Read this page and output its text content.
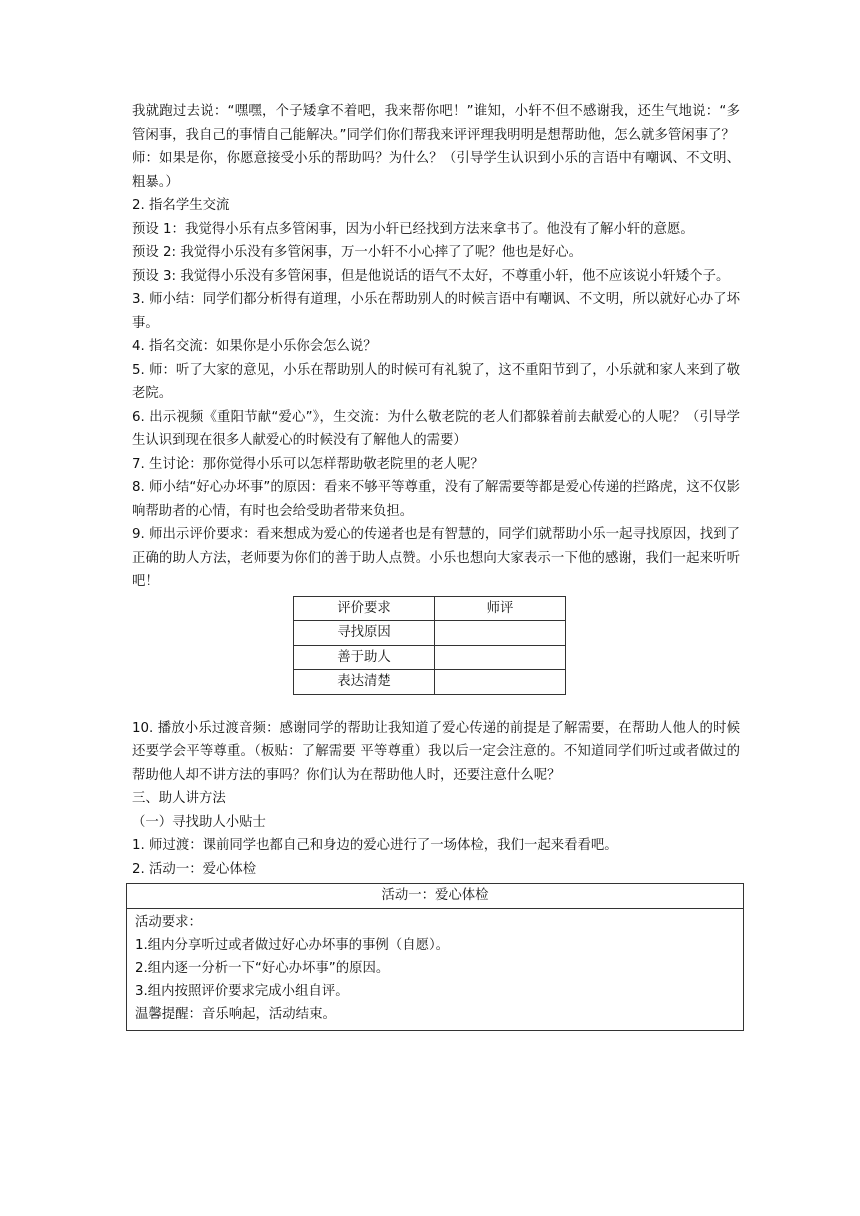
我就跑过去说：“嘿嘿，个子矮拿不着吧，我来帮你吧！”谁知，小轩不但不感谢我，还生气地说：“多管闲事，我自己的事情自己能解决。”同学们你们帮我来评评理我明明是想帮助他，怎么就多管闲事了？

师：如果是你，你愿意接受小乐的帮助吗？为什么？（引导学生认识到小乐的言语中有嘲讽、不文明、粗暴。）

2. 指名学生交流

预设 1：我觉得小乐有点多管闲事，因为小轩已经找到方法来拿书了。他没有了解小轩的意愿。

预设 2: 我觉得小乐没有多管闲事，万一小轩不小心摔了了呢？他也是好心。

预设 3: 我觉得小乐没有多管闲事，但是他说话的语气不太好，不尊重小轩，他不应该说小轩矮个子。

3. 师小结：同学们都分析得有道理，小乐在帮助别人的时候言语中有嘲讽、不文明，所以就好心办了坏事。

4. 指名交流：如果你是小乐你会怎么说？

5. 师：听了大家的意见，小乐在帮助别人的时候可有礼貌了，这不重阳节到了，小乐就和家人来到了敬老院。

6. 出示视频《重阳节献“爱心”》，生交流：为什么敬老院的老人们都躲着前去献爱心的人呢？（引导学生认识到现在很多人献爱心的时候没有了解他人的需要）

7. 生讨论：那你觉得小乐可以怎样帮助敬老院里的老人呢？

8. 师小结“好心办坏事”的原因：看来不够平等尊重，没有了解需要等都是爱心传递的拦路虎，这不仅影响帮助者的心情，有时也会给受助者带来负担。

9. 师出示评价要求：看来想成为爱心的传递者也是有智慧的，同学们就帮助小乐一起寻找原因，找到了正确的助人方法，老师要为你们的善于助人点赞。小乐也想向大家表示一下他的感谢，我们一起来听听吧！

评价要求	师评
寻找原因	
善于助人	
表达清楚	

10. 播放小乐过渡音频：感谢同学的帮助让我知道了爱心传递的前提是了解需要，在帮助人他人的时候还要学会平等尊重。（板贴：了解需要 平等尊重）我以后一定会注意的。不知道同学们听过或者做过的帮助他人却不讲方法的事吗？你们认为在帮助他人时，还要注意什么呢？

三、助人讲方法

（一）寻找助人小贴士

1. 师过渡：课前同学也都自己和身边的爱心进行了一场体检，我们一起来看看吧。

2. 活动一：爱心体检

活动一：爱心体检
活动要求：
1.组内分享听过或者做过好心办坏事的事例（自愿）。
2.组内逐一分析一下“好心办坏事”的原因。
3.组内按照评价要求完成小组自评。
温馨提醒：音乐响起，活动结束。
